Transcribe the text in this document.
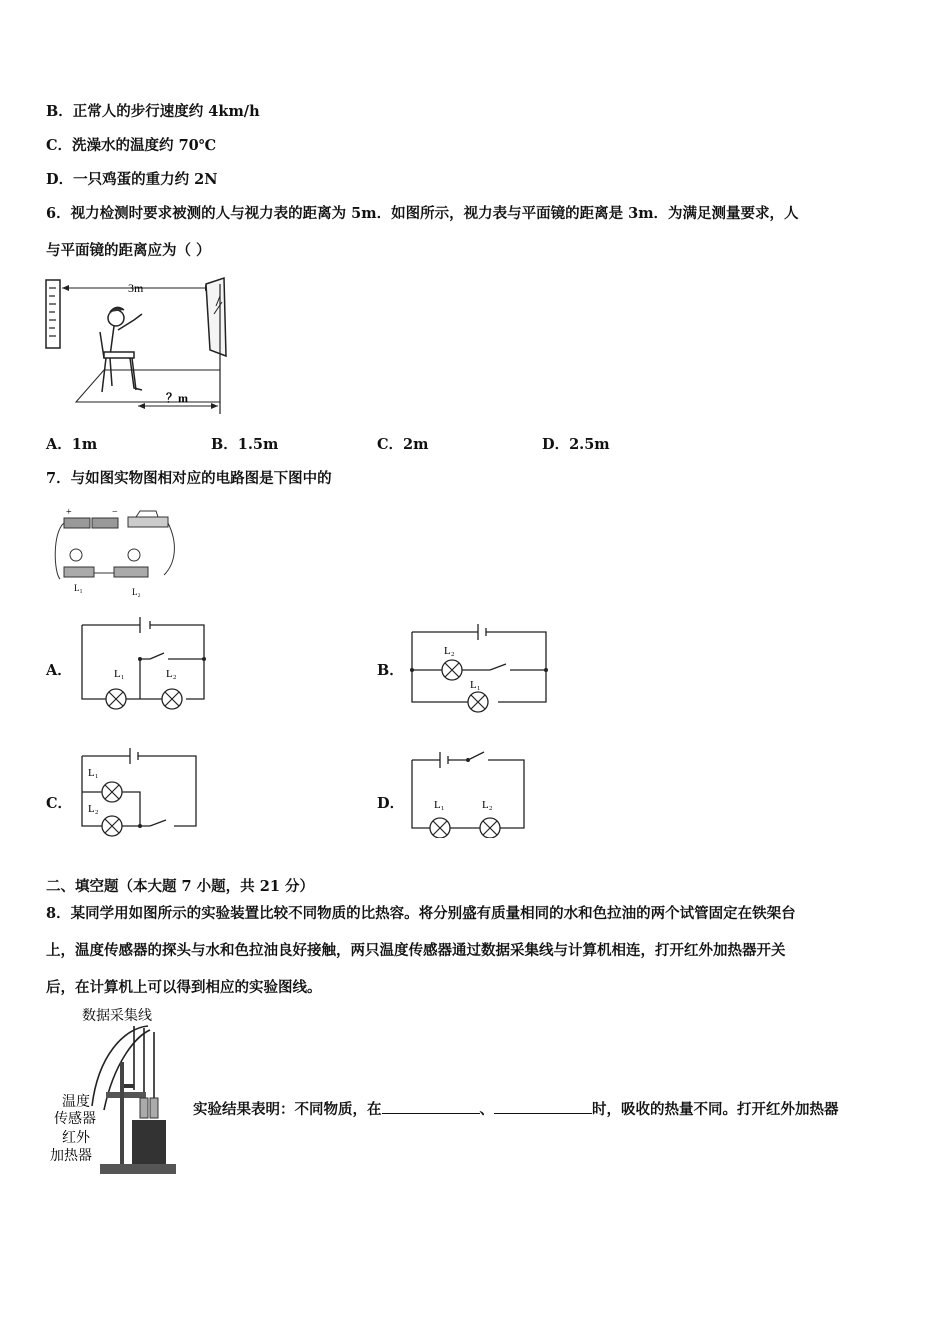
B．正常人的步行速度约 4km/h
C．洗澡水的温度约 70℃
D．一只鸡蛋的重力约 2N
6．视力检测时要求被测的人与视力表的距离为 5m．如图所示，视力表与平面镜的距离是 3m．为满足测量要求，人
与平面镜的距离应为（ ）
3m
？m
A．1m	B．1.5m	C．2m	D．2.5m
7．与如图实物图相对应的电路图是下图中的
+	−
L₁	L₂
A．	L₁	L₂	B．
L₂
L₁
C．
L₁
L₂	D．	L₁	L₂
二、填空题（本大题 7 小题，共 21 分）
8．某同学用如图所示的实验装置比较不同物质的比热容。将分别盛有质量相同的水和色拉油的两个试管固定在铁架台
上，温度传感器的探头与水和色拉油良好接触，两只温度传感器通过数据采集线与计算机相连，打开红外加热器开关
后，在计算机上可以得到相应的实验图线。
数据采集线
温度
传感器
红外
加热器
实验结果表明：不同物质，在	、	时，吸收的热量不同。打开红外加热器
